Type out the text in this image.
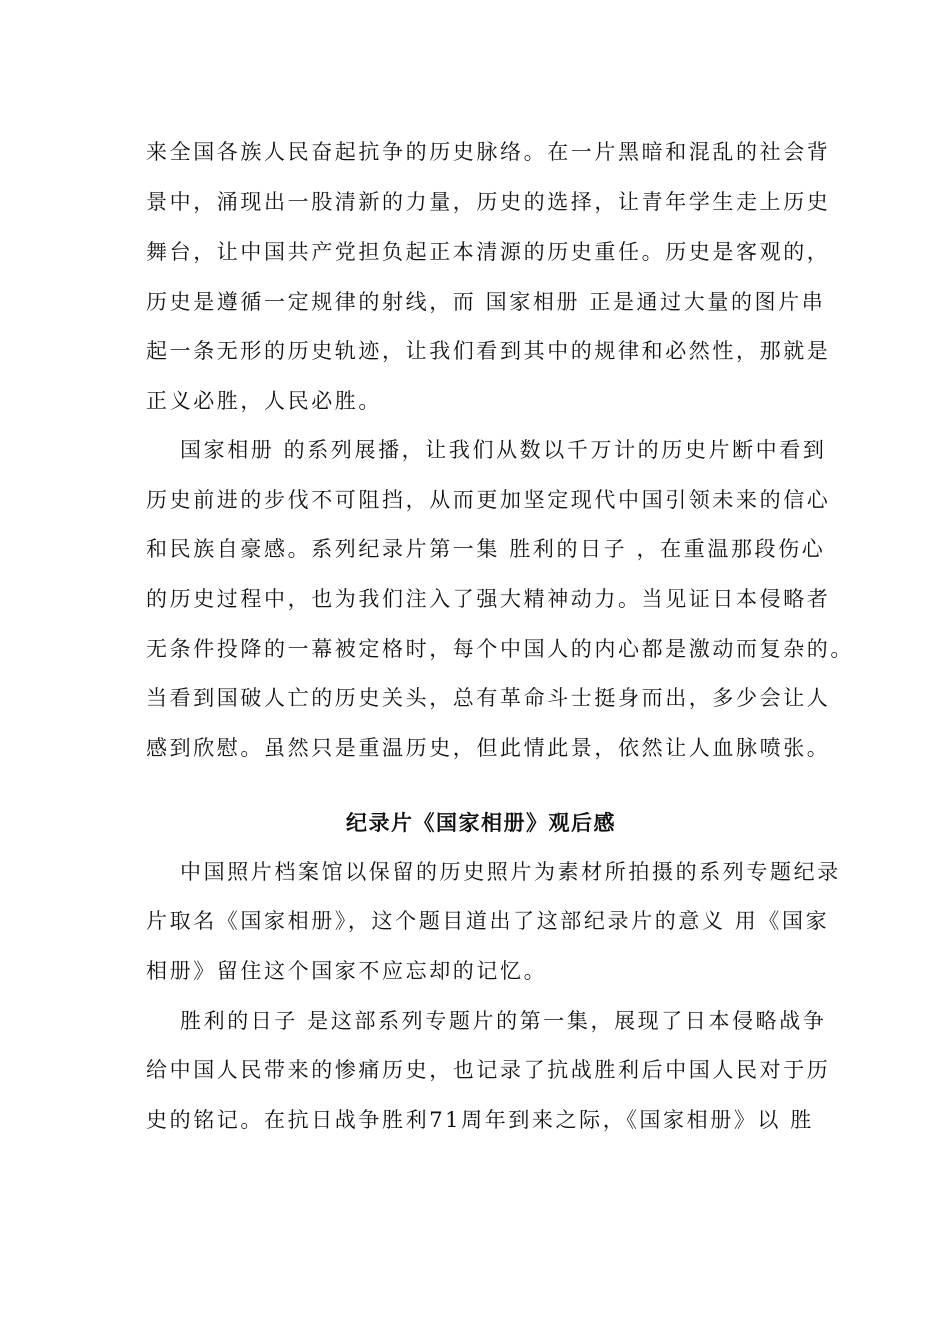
来全国各族人民奋起抗争的历史脉络。在一片黑暗和混乱的社会背
景中，涌现出一股清新的力量，历史的选择，让青年学生走上历史
舞台，让中国共产党担负起正本清源的历史重任。历史是客观的，
历史是遵循一定规律的射线，而 国家相册 正是通过大量的图片串
起一条无形的历史轨迹，让我们看到其中的规律和必然性，那就是
正义必胜，人民必胜。
国家相册 的系列展播，让我们从数以千万计的历史片断中看到
历史前进的步伐不可阻挡，从而更加坚定现代中国引领未来的信心
和民族自豪感。系列纪录片第一集 胜利的日子 ，在重温那段伤心
的历史过程中，也为我们注入了强大精神动力。当见证日本侵略者
无条件投降的一幕被定格时，每个中国人的内心都是激动而复杂的。
当看到国破人亡的历史关头，总有革命斗士挺身而出，多少会让人
感到欣慰。虽然只是重温历史，但此情此景，依然让人血脉喷张。
纪录片《国家相册》观后感
中国照片档案馆以保留的历史照片为素材所拍摄的系列专题纪录
片取名《国家相册》，这个题目道出了这部纪录片的意义 用《国家
相册》留住这个国家不应忘却的记忆。
胜利的日子 是这部系列专题片的第一集，展现了日本侵略战争
给中国人民带来的惨痛历史，也记录了抗战胜利后中国人民对于历
史的铭记。在抗日战争胜利71周年到来之际，《国家相册》以 胜
